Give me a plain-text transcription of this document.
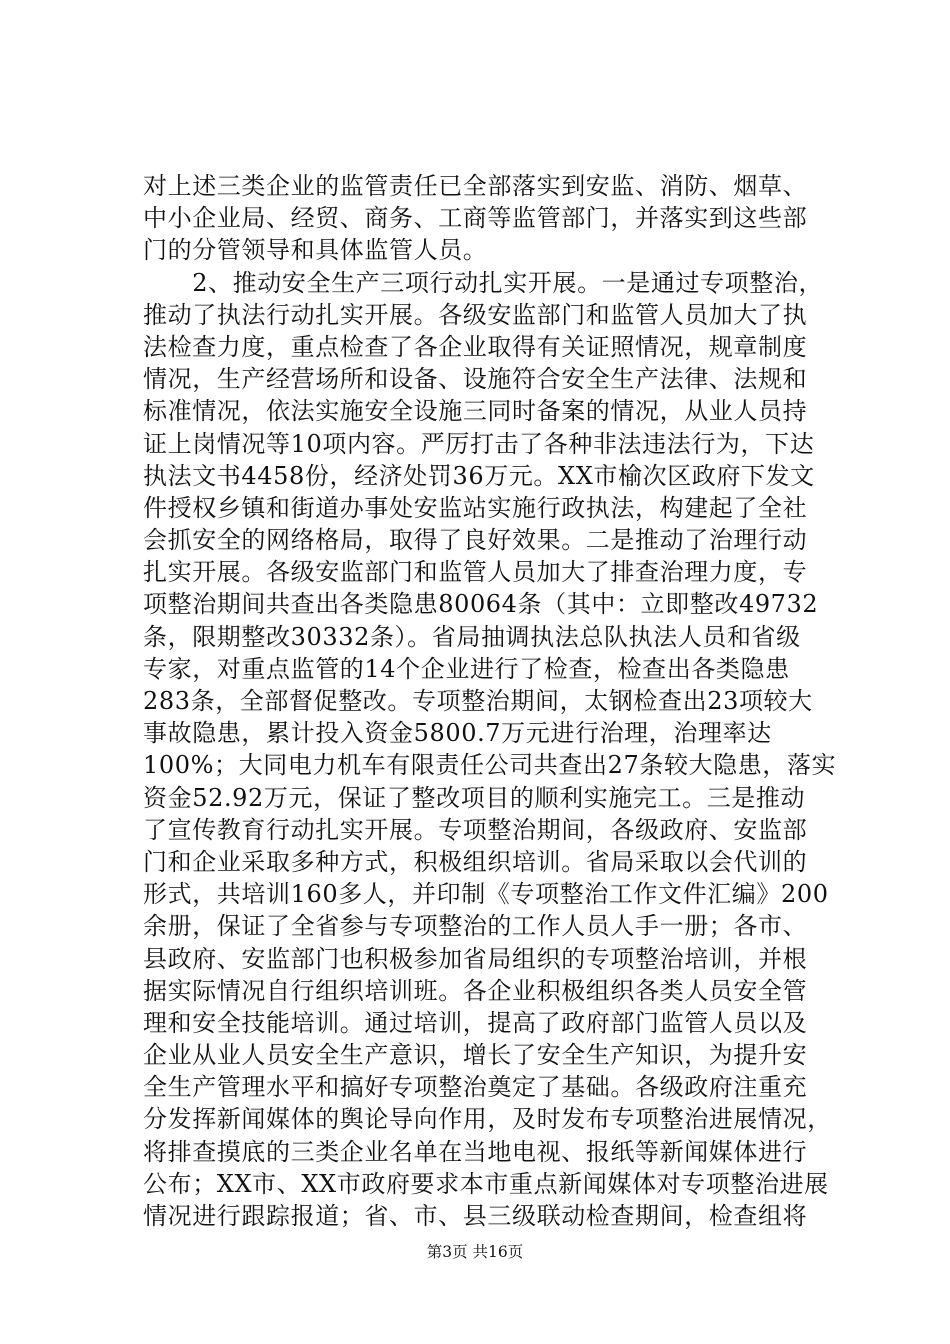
对上述三类企业的监管责任已全部落实到安监、消防、烟草、
中小企业局、经贸、商务、工商等监管部门，并落实到这些部
门的分管领导和具体监管人员。
　　2、推动安全生产三项行动扎实开展。一是通过专项整治，
推动了执法行动扎实开展。各级安监部门和监管人员加大了执
法检查力度，重点检查了各企业取得有关证照情况，规章制度
情况，生产经营场所和设备、设施符合安全生产法律、法规和
标准情况，依法实施安全设施三同时备案的情况，从业人员持
证上岗情况等10项内容。严厉打击了各种非法违法行为，下达
执法文书4458份，经济处罚36万元。XX市榆次区政府下发文
件授权乡镇和街道办事处安监站实施行政执法，构建起了全社
会抓安全的网络格局，取得了良好效果。二是推动了治理行动
扎实开展。各级安监部门和监管人员加大了排查治理力度，专
项整治期间共查出各类隐患80064条（其中：立即整改49732
条，限期整改30332条）。省局抽调执法总队执法人员和省级
专家，对重点监管的14个企业进行了检查，检查出各类隐患
283条，全部督促整改。专项整治期间，太钢检查出23项较大
事故隐患，累计投入资金5800.7万元进行治理，治理率达
100%；大同电力机车有限责任公司共查出27条较大隐患，落实
资金52.92万元，保证了整改项目的顺利实施完工。三是推动
了宣传教育行动扎实开展。专项整治期间，各级政府、安监部
门和企业采取多种方式，积极组织培训。省局采取以会代训的
形式，共培训160多人，并印制《专项整治工作文件汇编》200
余册，保证了全省参与专项整治的工作人员人手一册；各市、
县政府、安监部门也积极参加省局组织的专项整治培训，并根
据实际情况自行组织培训班。各企业积极组织各类人员安全管
理和安全技能培训。通过培训，提高了政府部门监管人员以及
企业从业人员安全生产意识，增长了安全生产知识，为提升安
全生产管理水平和搞好专项整治奠定了基础。各级政府注重充
分发挥新闻媒体的舆论导向作用，及时发布专项整治进展情况，
将排查摸底的三类企业名单在当地电视、报纸等新闻媒体进行
公布；XX市、XX市政府要求本市重点新闻媒体对专项整治进展
情况进行跟踪报道；省、市、县三级联动检查期间，检查组将
第3页 共16页
